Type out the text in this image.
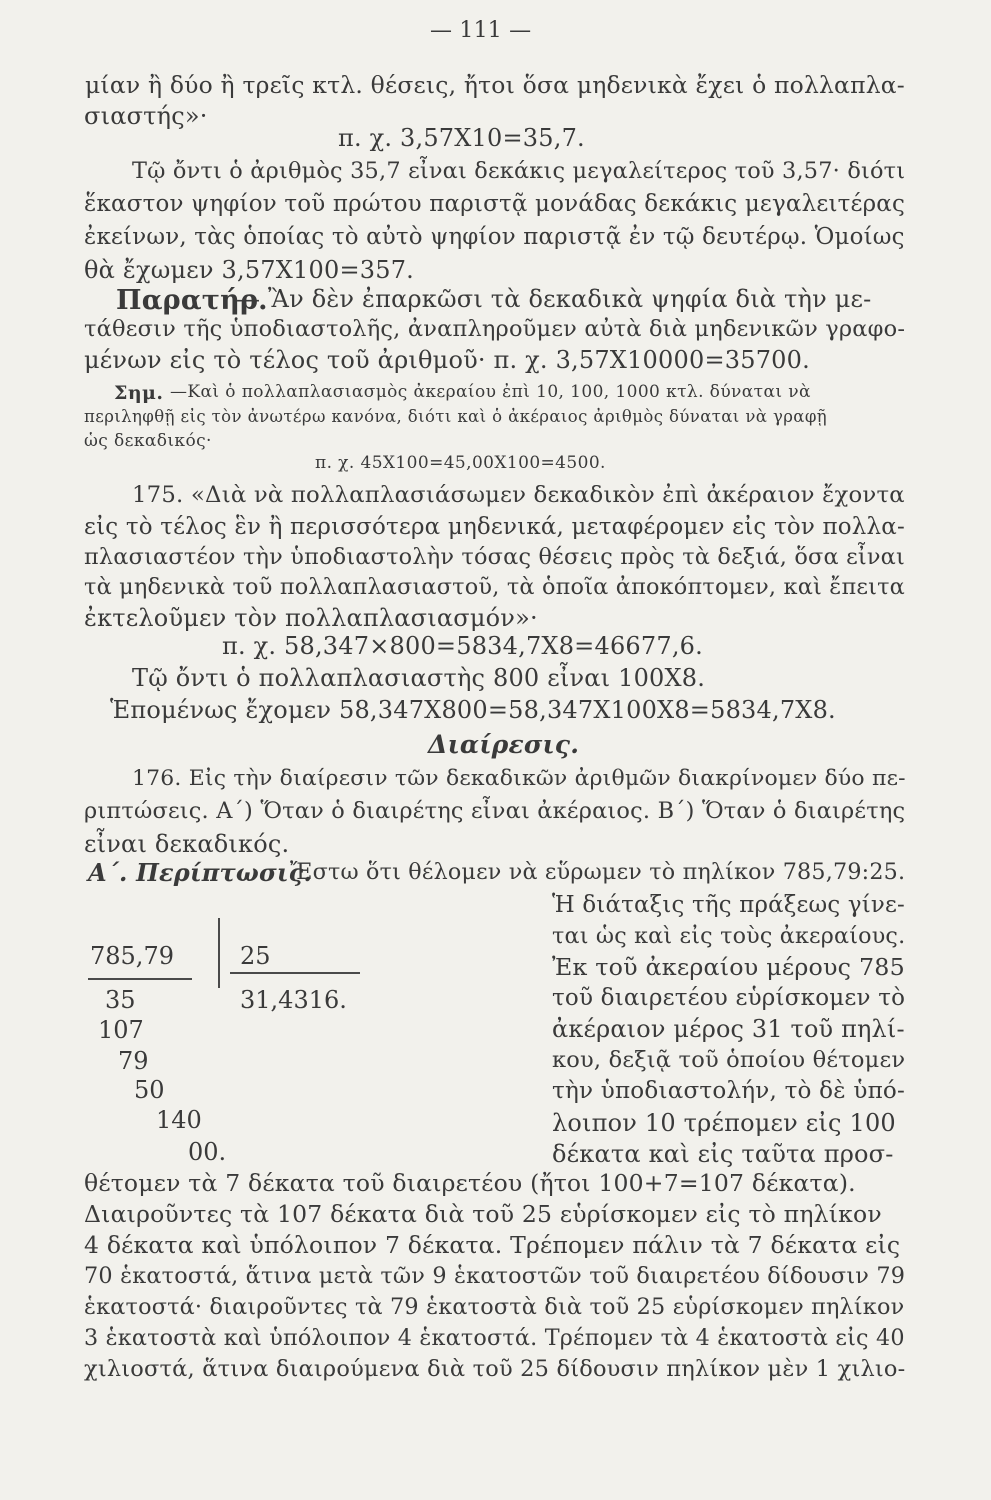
— 111 —
μίαν ἢ δύο ἢ τρεῖς κτλ. θέσεις, ἤτοι ὅσα μηδενικὰ ἔχει ὁ πολλαπλα-
σιαστής»·
π. χ. 3,57Χ10=35,7.
Τῷ ὄντι ὁ ἀριθμὸς 35,7 εἶναι δεκάκις μεγαλείτερος τοῦ 3,57· διότι
ἕκαστον ψηφίον τοῦ πρώτου παριστᾷ μονάδας δεκάκις μεγαλειτέρας
ἐκείνων, τὰς ὁποίας τὸ αὐτὸ ψηφίον παριστᾷ ἐν τῷ δευτέρῳ. Ὁμοίως
θὰ ἔχωμεν 3,57Χ100=357.
Παρατήρ.
— Ἂν δὲν ἐπαρκῶσι τὰ δεκαδικὰ ψηφία διὰ τὴν με-
τάθεσιν τῆς ὑποδιαστολῆς, ἀναπληροῦμεν αὐτὰ διὰ μηδενικῶν γραφο-
μένων εἰς τὸ τέλος τοῦ ἀριθμοῦ· π. χ. 3,57Χ10000=35700.
Σημ. —Καὶ ὁ πολλαπλασιασμὸς ἀκεραίου ἐπὶ 10, 100, 1000 κτλ. δύναται νὰ
περιληφθῇ εἰς τὸν ἀνωτέρω κανόνα, διότι καὶ ὁ ἀκέραιος ἀριθμὸς δύναται νὰ γραφῇ
ὡς δεκαδικός·
π. χ. 45Χ100=45,00Χ100=4500.
175. «Διὰ νὰ πολλαπλασιάσωμεν δεκαδικὸν ἐπὶ ἀκέραιον ἔχοντα
εἰς τὸ τέλος ἓν ἢ περισσότερα μηδενικά, μεταφέρομεν εἰς τὸν πολλα-
πλασιαστέον τὴν ὑποδιαστολὴν τόσας θέσεις πρὸς τὰ δεξιά, ὅσα εἶναι
τὰ μηδενικὰ τοῦ πολλαπλασιαστοῦ, τὰ ὁποῖα ἀποκόπτομεν, καὶ ἔπειτα
ἐκτελοῦμεν τὸν πολλαπλασιασμόν»·
π. χ. 58,347×800=5834,7Χ8=46677,6.
Τῷ ὄντι ὁ πολλαπλασιαστὴς 800 εἶναι 100Χ8.
Ἑπομένως ἔχομεν 58,347Χ800=58,347Χ100Χ8=5834,7Χ8.
Διαίρεσις.
176. Εἰς τὴν διαίρεσιν τῶν δεκαδικῶν ἀριθμῶν διακρίνομεν δύο πε-
ριπτώσεις. Α΄) Ὅταν ὁ διαιρέτης εἶναι ἀκέραιος. Β΄) Ὅταν ὁ διαιρέτης
εἶναι δεκαδικός.
Α΄. Περίπτωσις.
Ἔστω ὅτι θέλομεν νὰ εὕρωμεν τὸ πηλίκον 785,79:25.
Ἡ διάταξις τῆς πράξεως γίνε-
ται ὡς καὶ εἰς τοὺς ἀκεραίους.
Ἐκ τοῦ ἀκεραίου μέρους 785
τοῦ διαιρετέου εὑρίσκομεν τὸ
ἀκέραιον μέρος 31 τοῦ πηλί-
κου, δεξιᾷ τοῦ ὁποίου θέτομεν
τὴν ὑποδιαστολήν, τὸ δὲ ὑπό-
λοιπον 10 τρέπομεν εἰς 100
δέκατα καὶ εἰς ταῦτα προσ-
785,79	25
31,4316.
35
107
79
50
140
00.
θέτομεν τὰ 7 δέκατα τοῦ διαιρετέου (ἤτοι 100+7=107 δέκατα).
Διαιροῦντες τὰ 107 δέκατα διὰ τοῦ 25 εὑρίσκομεν εἰς τὸ πηλίκον
4 δέκατα καὶ ὑπόλοιπον 7 δέκατα. Τρέπομεν πάλιν τὰ 7 δέκατα εἰς
70 ἑκατοστά, ἅτινα μετὰ τῶν 9 ἑκατοστῶν τοῦ διαιρετέου δίδουσιν 79
ἑκατοστά· διαιροῦντες τὰ 79 ἑκατοστὰ διὰ τοῦ 25 εὑρίσκομεν πηλίκον
3 ἑκατοστὰ καὶ ὑπόλοιπον 4 ἑκατοστά. Τρέπομεν τὰ 4 ἑκατοστὰ εἰς 40
χιλιοστά, ἅτινα διαιρούμενα διὰ τοῦ 25 δίδουσιν πηλίκον μὲν 1 χιλιο-
